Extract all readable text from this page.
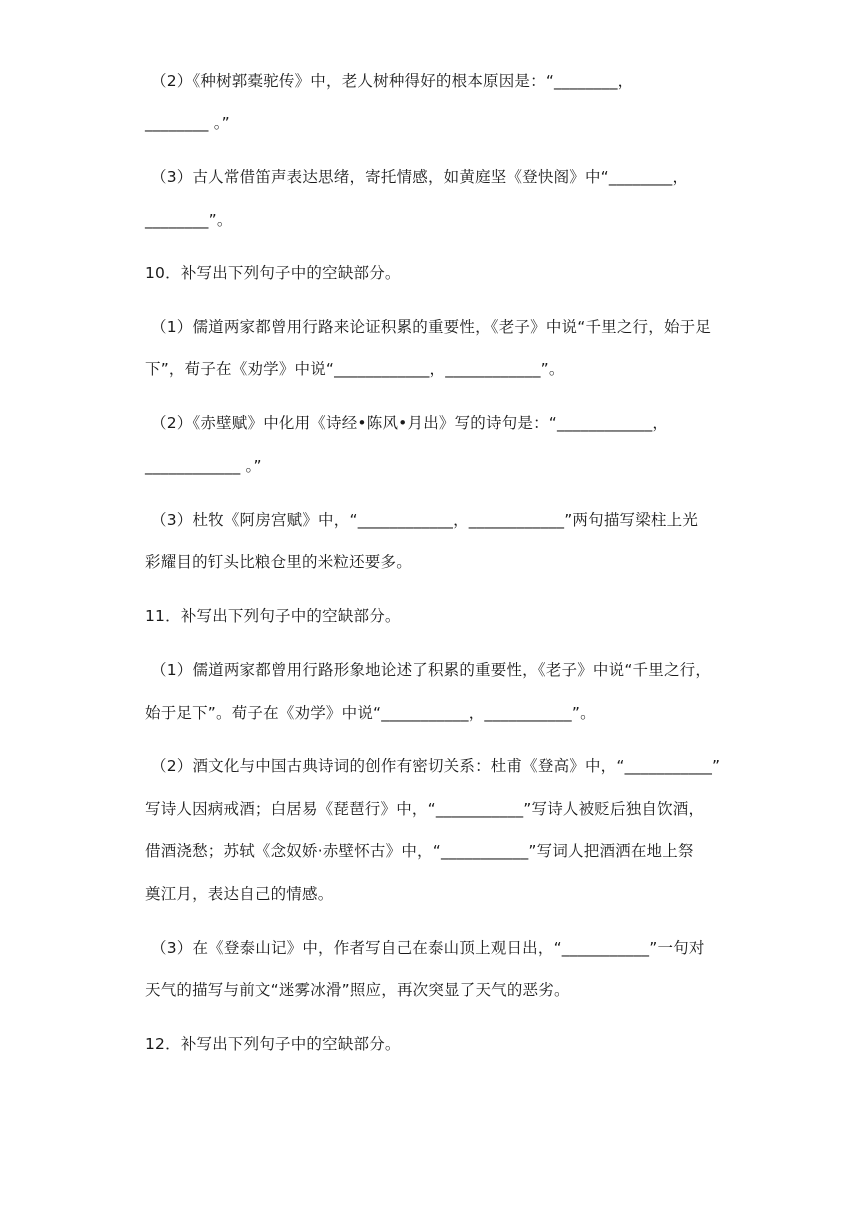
（2）《种树郭橐驼传》中，老人树种得好的根本原因是：“________，
________ 。”
（3）古人常借笛声表达思绪，寄托情感，如黄庭坚《登快阁》中“________，
________”。
10．补写出下列句子中的空缺部分。
（1）儒道两家都曾用行路来论证积累的重要性，《老子》中说“千里之行，始于足
下”，荀子在《劝学》中说“____________，____________”。
（2）《赤壁赋》中化用《诗经•陈风•月出》写的诗句是：“____________，
____________ 。”
（3）杜牧《阿房宫赋》中，“____________，____________”两句描写梁柱上光
彩耀目的钉头比粮仓里的米粒还要多。
11．补写出下列句子中的空缺部分。
（1）儒道两家都曾用行路形象地论述了积累的重要性，《老子》中说“千里之行，
始于足下”。荀子在《劝学》中说“___________，___________”。
（2）酒文化与中国古典诗词的创作有密切关系：杜甫《登高》中，“___________”
写诗人因病戒酒；白居易《琵琶行》中，“___________”写诗人被贬后独自饮酒，
借酒浇愁；苏轼《念奴娇·赤壁怀古》中，“___________”写词人把酒洒在地上祭
奠江月，表达自己的情感。
（3）在《登泰山记》中，作者写自己在泰山顶上观日出，“___________”一句对
天气的描写与前文“迷雾冰滑”照应，再次突显了天气的恶劣。
12．补写出下列句子中的空缺部分。
